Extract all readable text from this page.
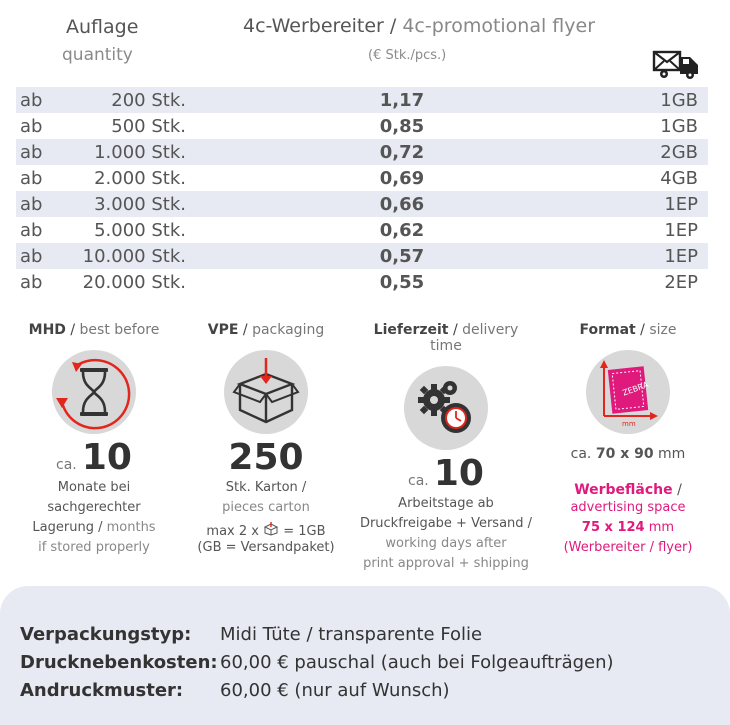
Auflage
quantity
4c-Werbereiter / 4c-promotional flyer
(€ Stk./pcs.)
ab	200 Stk.	1,17	1GB
ab	500 Stk.	0,85	1GB
ab	1.000 Stk.	0,72	2GB
ab	2.000 Stk.	0,69	4GB
ab	3.000 Stk.	0,66	1EP
ab	5.000 Stk.	0,62	1EP
ab	10.000 Stk.	0,57	1EP
ab	20.000 Stk.	0,55	2EP
MHD / best before
ca. 10
Monate bei
sachgerechter
Lagerung / months
if stored properly
VPE / packaging
250
Stk. Karton /
pieces carton
max 2 x = 1GB
(GB = Versandpaket)
Lieferzeit / delivery time
ca. 10
Arbeitstage ab
Druckfreigabe + Versand /
working days after
print approval + shipping
Format / size
ZEBRA
mm
ca. 70 x 90 mm
Werbefläche /
advertising space
75 x 124 mm
(Werbereiter / flyer)
Verpackungstyp: Midi Tüte / transparente Folie
Drucknebenkosten: 60,00 € pauschal (auch bei Folgeaufträgen)
Andruckmuster: 60,00 € (nur auf Wunsch)
